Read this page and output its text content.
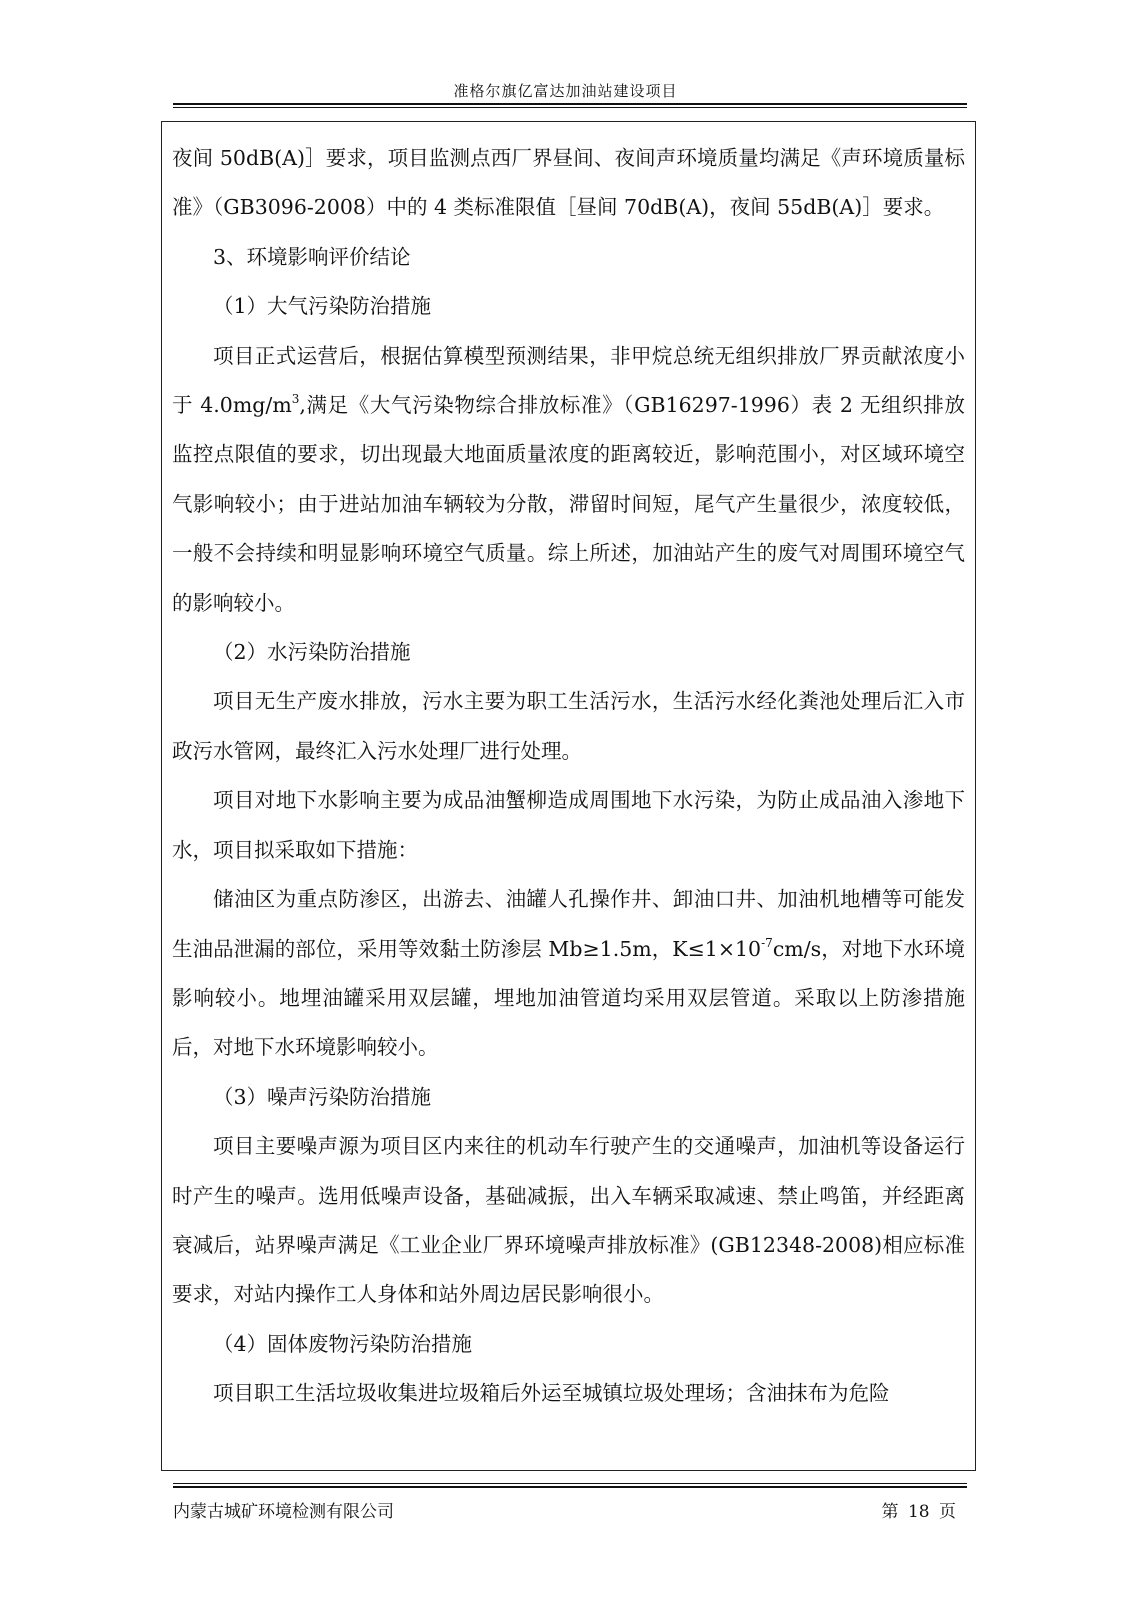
准格尔旗亿富达加油站建设项目

夜间 50dB(A)］要求，项目监测点西厂界昼间、夜间声环境质量均满足《声环境质量标准》（GB3096-2008）中的 4 类标准限值［昼间 70dB(A)，夜间 55dB(A)］要求。

3、环境影响评价结论

（1）大气污染防治措施

项目正式运营后，根据估算模型预测结果，非甲烷总统无组织排放厂界贡献浓度小于 $4.0mg/m^3$,满足《大气污染物综合排放标准》（GB16297-1996）表 2 无组织排放监控点限值的要求，切出现最大地面质量浓度的距离较近，影响范围小，对区域环境空气影响较小；由于进站加油车辆较为分散，滞留时间短，尾气产生量很少，浓度较低，一般不会持续和明显影响环境空气质量。综上所述，加油站产生的废气对周围环境空气的影响较小。

（2）水污染防治措施

项目无生产废水排放，污水主要为职工生活污水，生活污水经化粪池处理后汇入市政污水管网，最终汇入污水处理厂进行处理。

项目对地下水影响主要为成品油蟹柳造成周围地下水污染，为防止成品油入渗地下水，项目拟采取如下措施：

储油区为重点防渗区，出游去、油罐人孔操作井、卸油口井、加油机地槽等可能发生油品泄漏的部位，采用等效黏土防渗层 Mb≥1.5m，$K\le 1\times 10^{-7}cm/s$，对地下水环境影响较小。地埋油罐采用双层罐，埋地加油管道均采用双层管道。采取以上防渗措施后，对地下水环境影响较小。

（3）噪声污染防治措施

项目主要噪声源为项目区内来往的机动车行驶产生的交通噪声，加油机等设备运行时产生的噪声。选用低噪声设备，基础减振，出入车辆采取减速、禁止鸣笛，并经距离衰减后，站界噪声满足《工业企业厂界环境噪声排放标准》(GB12348-2008)相应标准要求，对站内操作工人身体和站外周边居民影响很小。

（4）固体废物污染防治措施

项目职工生活垃圾收集进垃圾箱后外运至城镇垃圾处理场；含油抹布为危险

内蒙古城矿环境检测有限公司	第 18 页
